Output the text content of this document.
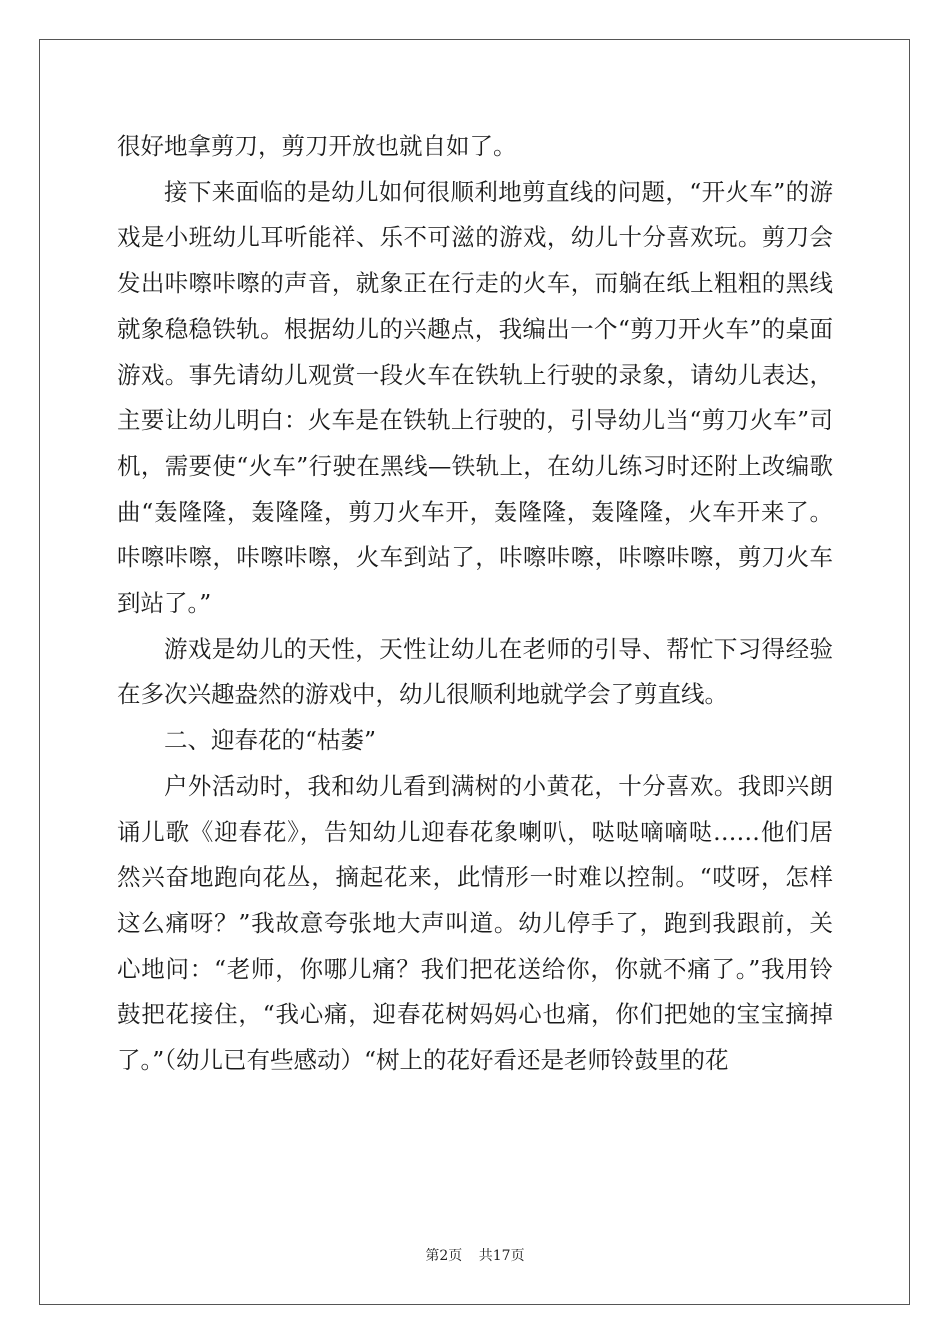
很好地拿剪刀，剪刀开放也就自如了。

接下来面临的是幼儿如何很顺利地剪直线的问题，“开火车”的游戏是小班幼儿耳听能祥、乐不可滋的游戏，幼儿十分喜欢玩。剪刀会发出咔嚓咔嚓的声音，就象正在行走的火车，而躺在纸上粗粗的黑线就象稳稳铁轨。根据幼儿的兴趣点，我编出一个“剪刀开火车”的桌面游戏。事先请幼儿观赏一段火车在铁轨上行驶的录象，请幼儿表达，主要让幼儿明白：火车是在铁轨上行驶的，引导幼儿当“剪刀火车”司机，需要使“火车”行驶在黑线—铁轨上，在幼儿练习时还附上改编歌曲“轰隆隆，轰隆隆，剪刀火车开，轰隆隆，轰隆隆，火车开来了。咔嚓咔嚓，咔嚓咔嚓，火车到站了，咔嚓咔嚓，咔嚓咔嚓，剪刀火车到站了。”

游戏是幼儿的天性，天性让幼儿在老师的引导、帮忙下习得经验在多次兴趣盎然的游戏中，幼儿很顺利地就学会了剪直线。

二、迎春花的“枯萎”

户外活动时，我和幼儿看到满树的小黄花，十分喜欢。我即兴朗诵儿歌《迎春花》，告知幼儿迎春花象喇叭，哒哒嘀嘀哒……他们居然兴奋地跑向花丛，摘起花来，此情形一时难以控制。“哎呀，怎样这么痛呀？”我故意夸张地大声叫道。幼儿停手了，跑到我跟前，关心地问：“老师，你哪儿痛？我们把花送给你，你就不痛了。”我用铃鼓把花接住，“我心痛，迎春花树妈妈心也痛，你们把她的宝宝摘掉了。”（幼儿已有些感动）“树上的花好看还是老师铃鼓里的花

第2页 共17页
